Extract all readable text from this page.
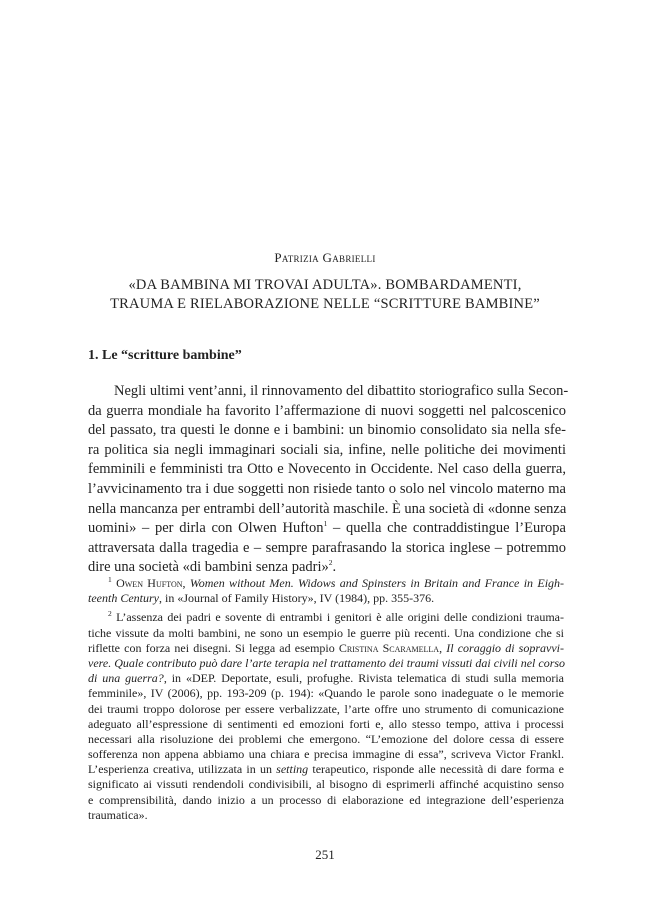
Patrizia Gabrielli
«DA BAMBINA MI TROVAI ADULTA». BOMBARDAMENTI,
TRAUMA E RIELABORAZIONE NELLE “SCRITTURE BAMBINE”
1. Le “scritture bambine”
Negli ultimi vent’anni, il rinnovamento del dibattito storiografico sulla Secon-
da guerra mondiale ha favorito l’affermazione di nuovi soggetti nel palcoscenico
del passato, tra questi le donne e i bambini: un binomio consolidato sia nella sfe-
ra politica sia negli immaginari sociali sia, infine, nelle politiche dei movimenti
femminili e femministi tra Otto e Novecento in Occidente. Nel caso della guerra,
l’avvicinamento tra i due soggetti non risiede tanto o solo nel vincolo materno ma
nella mancanza per entrambi dell’autorità maschile. È una società di «donne senza
uomini» – per dirla con Olwen Hufton$^1$ – quella che contraddistingue l’Europa
attraversata dalla tragedia e – sempre parafrasando la storica inglese – potremmo
dire una società «di bambini senza padri»$^2$.
$^1$ Owen Hufton, Women without Men. Widows and Spinsters in Britain and France in Eigh-
teenth Century, in «Journal of Family History», IV (1984), pp. 355-376.
$^2$ L’assenza dei padri e sovente di entrambi i genitori è alle origini delle condizioni trauma-
tiche vissute da molti bambini, ne sono un esempio le guerre più recenti. Una condizione che si
riflette con forza nei disegni. Si legga ad esempio Cristina Scaramella, Il coraggio di sopravvi-
vere. Quale contributo può dare l’arte terapia nel trattamento dei traumi vissuti dai civili nel corso
di una guerra?, in «DEP. Deportate, esuli, profughe. Rivista telematica di studi sulla memoria
femminile», IV (2006), pp. 193-209 (p. 194): «Quando le parole sono inadeguate o le memorie
dei traumi troppo dolorose per essere verbalizzate, l’arte offre uno strumento di comunicazione
adeguato all’espressione di sentimenti ed emozioni forti e, allo stesso tempo, attiva i processi
necessari alla risoluzione dei problemi che emergono. “L’emozione del dolore cessa di essere
sofferenza non appena abbiamo una chiara e precisa immagine di essa”, scriveva Victor Frankl.
L’esperienza creativa, utilizzata in un setting terapeutico, risponde alle necessità di dare forma e
significato ai vissuti rendendoli condivisibili, al bisogno di esprimerli affinché acquistino senso
e comprensibilità, dando inizio a un processo di elaborazione ed integrazione dell’esperienza
traumatica».
251
